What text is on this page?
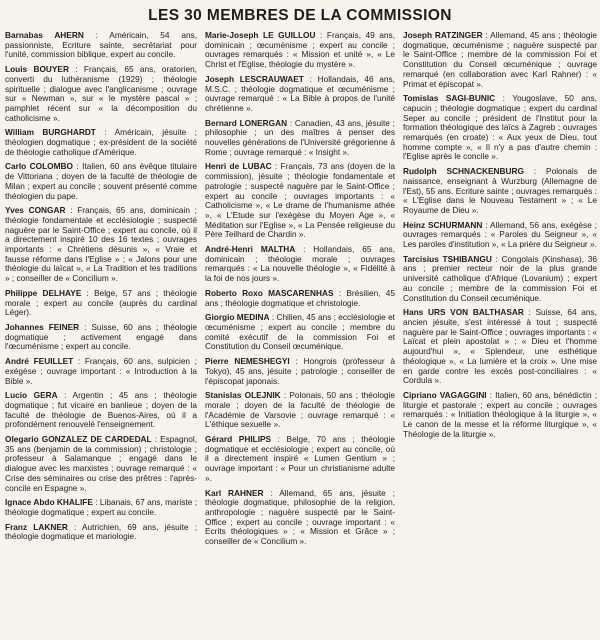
LES 30 MEMBRES DE LA COMMISSION
Barnabas AHERN : Américain, 54 ans, passionniste, Ecriture sainte, secrétariat pour l'unité, commission biblique, expert au concile.
Louis BOUYER : Français, 65 ans, oratorien, converti du luthéranisme (1929) ; théologie spirituelle ; dialogue avec l'anglicanisme ; ouvrage sur « Newman », sur « le mystère pascal » ; pamphlet récent sur « la décomposition du catholicisme ».
William BURGHARDT : Américain, jésuite ; théologien dogmatique ; ex-président de la société de théologie catholique d'Amérique.
Carlo COLOMBO : Italien, 60 ans évêque titulaire de Vittoriana ; doyen de la faculté de théologie de Milan ; expert au concile ; souvent présenté comme théologien du pape.
Yves CONGAR : Français, 65 ans, dominicain ; théologie fondamentale et ecclésiologie ; suspecté naguère par le Saint-Office ; expert au concile, où il a directement inspiré 10 des 16 textes ; ouvrages importants : « Chrétiens désunis », « Vraie et fausse réforme dans l'Eglise » ; « Jalons pour une théologie du laïcat », « La Tradition et les traditions » ; conseiller de « Concilium ».
Philippe DELHAYE : Belge, 57 ans ; théologie morale ; expert au concile (auprès du cardinal Léger).
Johannes FEINER : Suisse, 60 ans ; théologie dogmatique ; activement engagé dans l'œcuménisme ; expert au concile.
André FEUILLET : Français, 60 ans, sulpicien ; exégèse ; ouvrage important : « Introduction à la Bible ».
Lucio GERA : Argentin ; 45 ans ; théologie dogmatique ; fut vicaire en banlieue ; doyen de la faculté de théologie de Buenos-Aires, où il a profondément renouvelé l'enseignement.
Olegario GONZALEZ DE CARDEDAL : Espagnol, 35 ans (benjamin de la commission) ; christologie ; professeur à Salamanque ; engagé dans le dialogue avec les marxistes ; ouvrage remarqué : « Crise des séminaires ou crise des prêtres : l'après-concile en Espagne ».
Ignace Abdo KHALIFE : Libanais, 67 ans, mariste ; théologie dogmatique ; expert au concile.
Franz LAKNER : Autrichien, 69 ans, jésuite ; théologie dogmatique et mariologie.
Marie-Joseph LE GUILLOU : Français, 49 ans, dominicain ; œcuménisme ; expert au concile ; ouvrages remarqués : « Mission et unité », « Le Christ et l'Eglise, théologie du mystère ».
Joseph LESCRAUWAET : Hollandais, 46 ans, M.S.C. ; théologie dogmatique et œcuménisme ; ouvrage remarqué : « La Bible à propos de l'unité chrétienne ».
Bernard LONERGAN : Canadien, 43 ans, jésuite ; philosophie ; un des maîtres à penser des nouvelles générations de l'Université grégorienne à Rome ; ouvrage remarqué : « Insight ».
Henri de LUBAC : Français, 73 ans (doyen de la commission), jésuite ; théologie fondamentale et patrologie ; suspecté naguère par le Saint-Office ; expert au concile ; ouvrages importants : « Catholicisme », « Le drame de l'humanisme athée », « L'Etude sur l'exégèse du Moyen Age », « Méditation sur l'Eglise », « La Pensée religieuse du Père Teilhard de Chardin ».
André-Henri MALTHA : Hollandais, 65 ans, dominicain ; théologie morale ; ouvrages remarqués : « La nouvelle théologie », « Fidélité à la foi de nos jours ».
Roberto Roxo MASCARENHAS : Brésilien, 45 ans ; théologie dogmatique et christologie.
Giorgio MEDINA : Chilien, 45 ans ; ecclésiologie et œcuménisme ; expert au concile ; membre du comité exécutif de la commission Foi et Constitution du Conseil œcuménique.
Pierre NEMESHEGYI : Hongrois (professeur à Tokyo), 45 ans, jésuite ; patrologie ; conseiller de l'épiscopat japonais.
Stanislas OLEJNIK : Polonais, 50 ans ; théologie morale ; doyen de la faculté de théologie de l'Académie de Varsovie ; ouvrage remarqué : « L'éthique sexuelle ».
Gérard PHILIPS : Belge, 70 ans ; théologie dogmatique et ecclésiologie ; expert au concile, où il a directement inspiré « Lumen Gentium » ; ouvrage important : « Pour un christianisme adulte ».
Karl RAHNER : Allemand, 65 ans, jésuite ; théologie dogmatique, philosophie de la religion, anthropologie ; naguère suspecté par le Saint-Office ; expert au concile ; ouvrage important : « Ecrits théologiques » ; « Mission et Grâce » ; conseiller de « Concilium ».
Joseph RATZINGER : Allemand, 45 ans ; théologie dogmatique, œcuménisme ; naguère suspecté par le Saint-Office ; membre de la commission Foi et Constitution du Conseil œcuménique ; ouvrage remarqué (en collaboration avec Karl Rahner) : « Primat et épiscopat ».
Tomislas SAGI-BUNIC : Yougoslave, 50 ans, capucin ; théologie dogmatique ; expert du cardinal Seper au concile ; président de l'Institut pour la formation théologique des laïcs à Zagreb ; ouvrages remarqués (en croate) : « Aux yeux de Dieu, tout homme compte », « Il n'y a pas d'autre chemin : l'Eglise après le concile ».
Rudolph SCHNACKENBURG : Polonais de naissance, enseignant à Wurzburg (Allemagne de l'Est), 55 ans. Ecriture sainte ; ouvrages remarqués : « L'Eglise dans le Nouveau Testament » ; « Le Royaume de Dieu ».
Heinz SCHURMANN : Allemand, 56 ans, exégèse ; ouvrages remarqués : « Paroles du Seigneur », « Les paroles d'institution », « La prière du Seigneur ».
Tarcisius TSHIBANGU : Congolais (Kinshasa), 36 ans ; premier recteur noir de la plus grande université catholique d'Afrique (Lovanium) ; expert au concile ; membre de la commission Foi et Constitution du Conseil œcuménique.
Hans URS VON BALTHASAR : Suisse, 64 ans, ancien jésuite, s'est intéressé à tout ; suspecté naguère par le Saint-Office ; ouvrages importants : « Laïcat et plein apostolat » ; « Dieu et l'homme aujourd'hui », « Splendeur, une esthétique théologique », « La lumière et la croix ». Une mise en garde contre les excès post-conciliaires : « Cordula ».
Cipriano VAGAGGINI : Italien, 60 ans, bénédictin ; liturgie et pastorale ; expert au concile ; ouvrages remarqués : « Initiation théologique à la liturgie », « Le canon de la messe et la réforme liturgique », « Théologie de la liturgie ».
